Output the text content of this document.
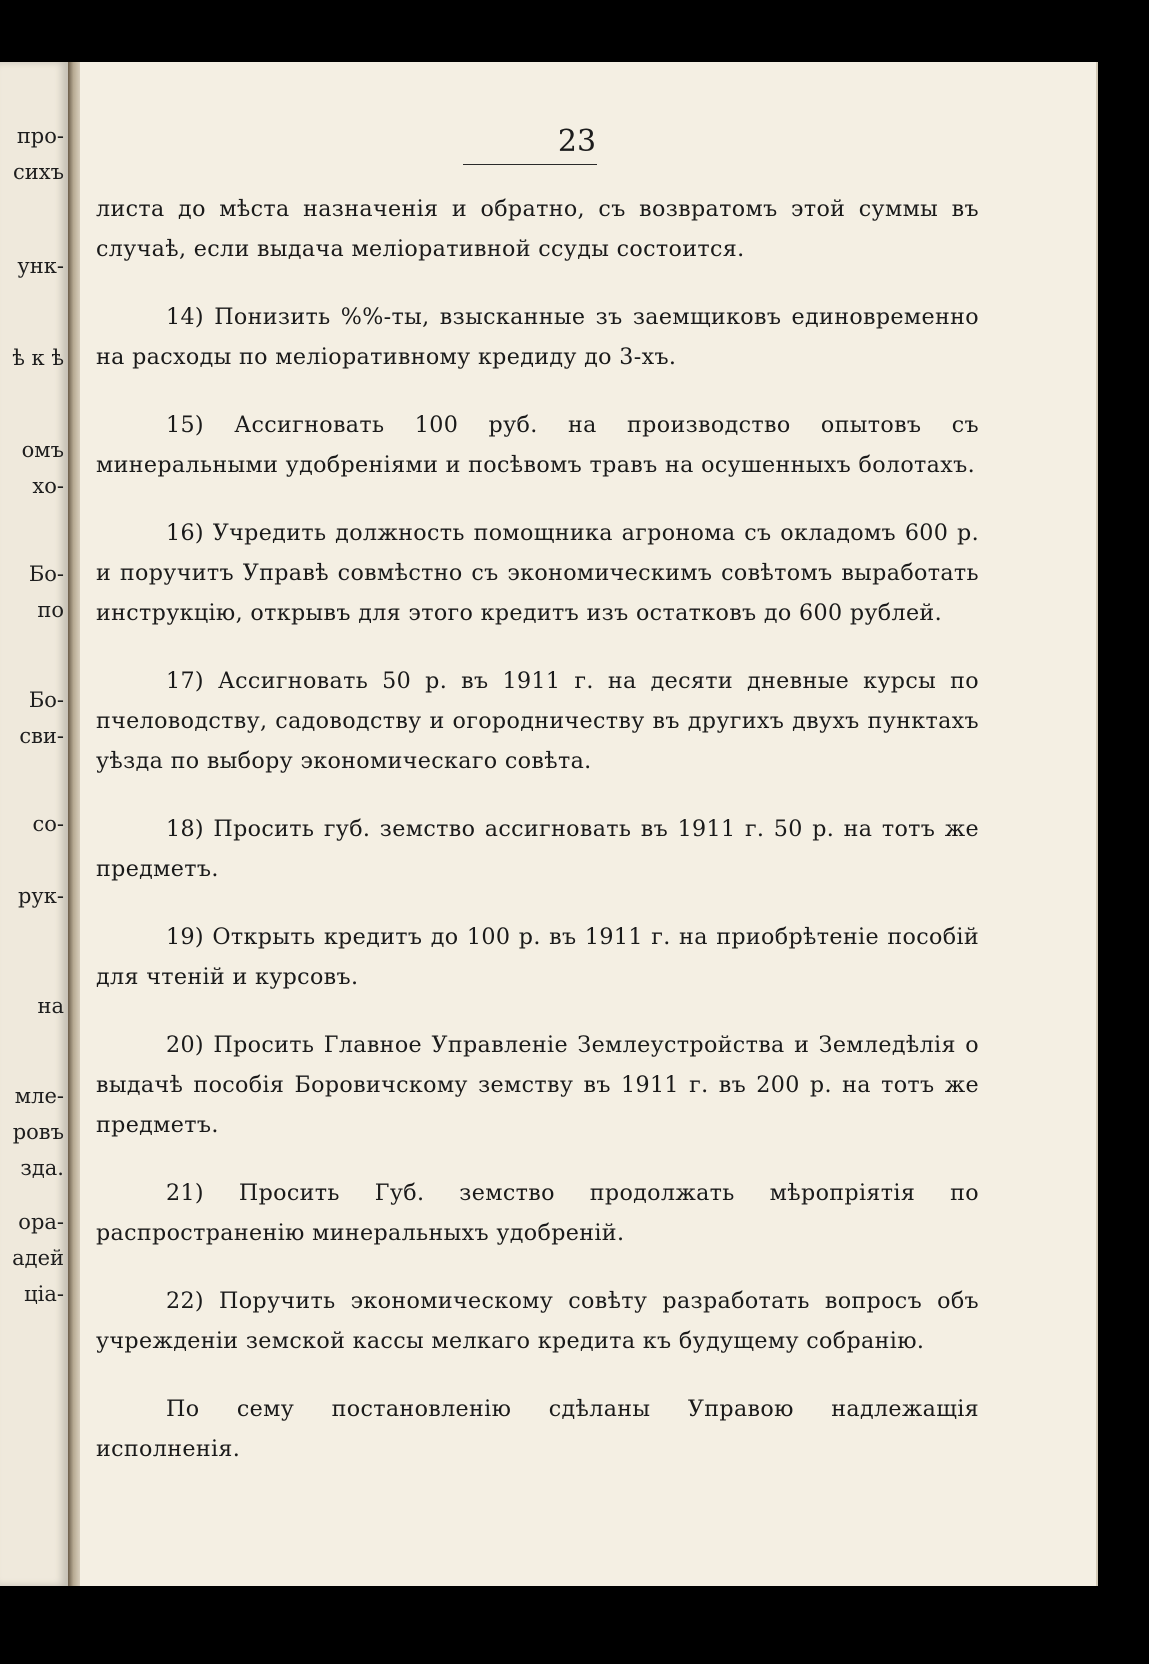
про-
сихъ
унк-
ѣ к ѣ
омъ
хо-
Бо-
по
Бо-
сви-
со-
рук-
на
мле-
ровъ
зда.
ора-
адей
ціа-
23

листа до мѣста назначенія и обратно, съ возвратомъ этой суммы въ случаѣ, если выдача меліоративной ссуды состоится.

14) Понизить %%-ты, взысканные зъ заемщиковъ единовременно на расходы по меліоративному кредиду до 3-хъ.

15) Ассигновать 100 руб. на производство опытовъ съ минеральными удобреніями и посѣвомъ травъ на осушенныхъ болотахъ.

16) Учредить должность помощника агронома съ окладомъ 600 р. и поручитъ Управѣ совмѣстно съ экономическимъ совѣтомъ выработать инструкцію, открывъ для этого кредитъ изъ остатковъ до 600 рублей.

17) Ассигновать 50 р. въ 1911 г. на десяти дневные курсы по пчеловодству, садоводству и огородничеству въ другихъ двухъ пунктахъ уѣзда по выбору экономическаго совѣта.

18) Просить губ. земство ассигновать въ 1911 г. 50 р. на тотъ же предметъ.

19) Открыть кредитъ до 100 р. въ 1911 г. на приобрѣтеніе пособій для чтеній и курсовъ.

20) Просить Главное Управленіе Землеустройства и Земледѣлія о выдачѣ пособія Боровичскому земству въ 1911 г. въ 200 р. на тотъ же предметъ.

21) Просить Губ. земство продолжать мѣропріятія по распространенію минеральныхъ удобреній.

22) Поручить экономическому совѣту разработать вопросъ объ учрежденіи земской кассы мелкаго кредита къ будущему собранію.

По сему постановленію сдѣланы Управою надлежащія исполненія.
